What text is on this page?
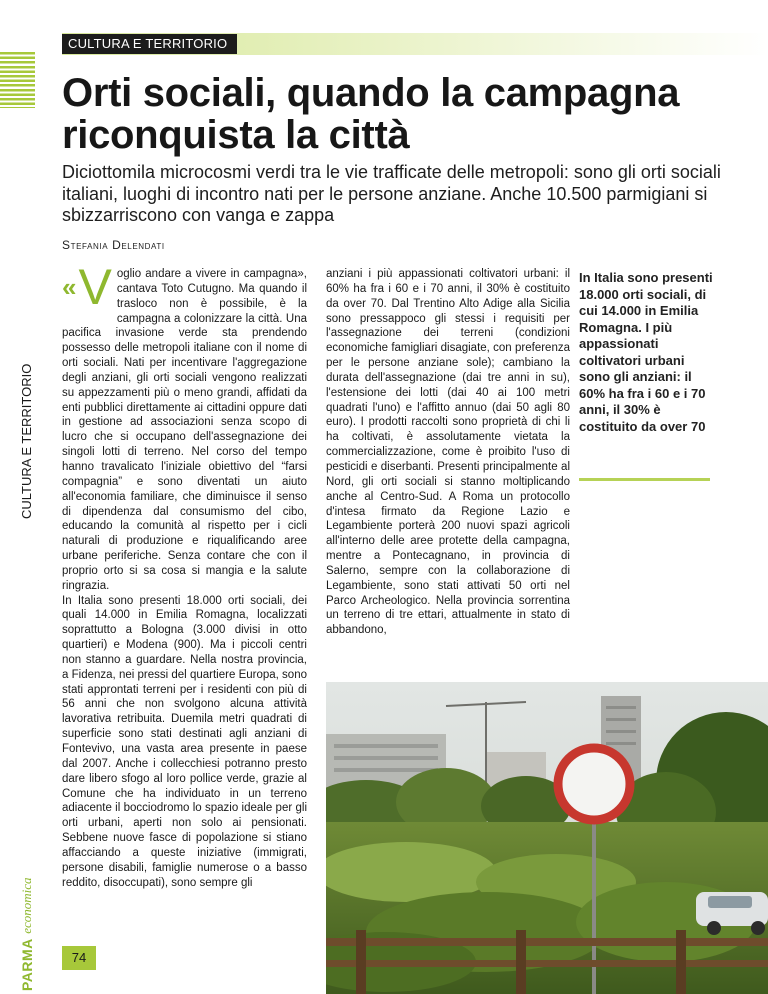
CULTURA E TERRITORIO
Orti sociali, quando la campagna riconquista la città

Diciottomila microcosmi verdi tra le vie trafficate delle metropoli: sono gli orti sociali italiani, luoghi di incontro nati per le persone anziane. Anche 10.500 parmigiani si sbizzarriscono con vanga e zappa

Stefania Delendati
CULTURA E TERRITORIO
PARMA economica
« V oglio andare a vivere in campagna», cantava Toto Cutugno. Ma quando il trasloco non è possibile, è la campagna a colonizzare la città. Una pacifica invasione verde sta prendendo possesso delle metropoli italiane con il nome di orti sociali. Nati per incentivare l'aggregazione degli anziani, gli orti sociali vengono realizzati su appezzamenti più o meno grandi, affidati da enti pubblici direttamente ai cittadini oppure dati in gestione ad associazioni senza scopo di lucro che si occupano dell'assegnazione dei singoli lotti di terreno. Nel corso del tempo hanno travalicato l'iniziale obiettivo del “farsi compagnia” e sono diventati un aiuto all'economia familiare, che diminuisce il senso di dipendenza dal consumismo del cibo, educando la comunità al rispetto per i cicli naturali di produzione e riqualificando aree urbane periferiche. Senza contare che con il proprio orto si sa cosa si mangia e la salute ringrazia.

In Italia sono presenti 18.000 orti sociali, dei quali 14.000 in Emilia Romagna, localizzati soprattutto a Bologna (3.000 divisi in otto quartieri) e Modena (900). Ma i piccoli centri non stanno a guardare. Nella nostra provincia, a Fidenza, nei pressi del quartiere Europa, sono stati approntati terreni per i residenti con più di 56 anni che non svolgono alcuna attività lavorativa retribuita. Duemila metri quadrati di superficie sono stati destinati agli anziani di Fontevivo, una vasta area presente in paese dal 2007. Anche i collecchiesi potranno presto dare libero sfogo al loro pollice verde, grazie al Comune che ha individuato in un terreno adiacente il bocciodromo lo spazio ideale per gli orti urbani, aperti non solo ai pensionati. Sebbene nuove fasce di popolazione si stiano affacciando a queste iniziative (immigrati, persone disabili, famiglie numerose o a basso reddito, disoccupati), sono sempre gli

anziani i più appassionati coltivatori urbani: il 60% ha fra i 60 e i 70 anni, il 30% è costituito da over 70. Dal Trentino Alto Adige alla Sicilia sono pressappoco gli stessi i requisiti per l'assegnazione dei terreni (condizioni economiche famigliari disagiate, con preferenza per le persone anziane sole); cambiano la durata dell'assegnazione (dai tre anni in su), l'estensione dei lotti (dai 40 ai 100 metri quadrati l'uno) e l'affitto annuo (dai 50 agli 80 euro). I prodotti raccolti sono proprietà di chi li ha coltivati, è assolutamente vietata la commercializzazione, come è proibito l'uso di pesticidi e diserbanti. Presenti principalmente al Nord, gli orti sociali si stanno moltiplicando anche al Centro-Sud. A Roma un protocollo d'intesa firmato da Regione Lazio e Legambiente porterà 200 nuovi spazi agricoli all'interno delle aree protette della campagna, mentre a Pontecagnano, in provincia di Salerno, sempre con la collaborazione di Legambiente, sono stati attivati 50 orti nel Parco Archeologico. Nella provincia sorrentina un terreno di tre ettari, attualmente in stato di abbandono,

In Italia sono presenti 18.000 orti sociali, di cui 14.000 in Emilia Romagna. I più appassionati coltivatori urbani sono gli anziani: il 60% ha fra i 60 e i 70 anni, il 30% è costituito da over 70

74
